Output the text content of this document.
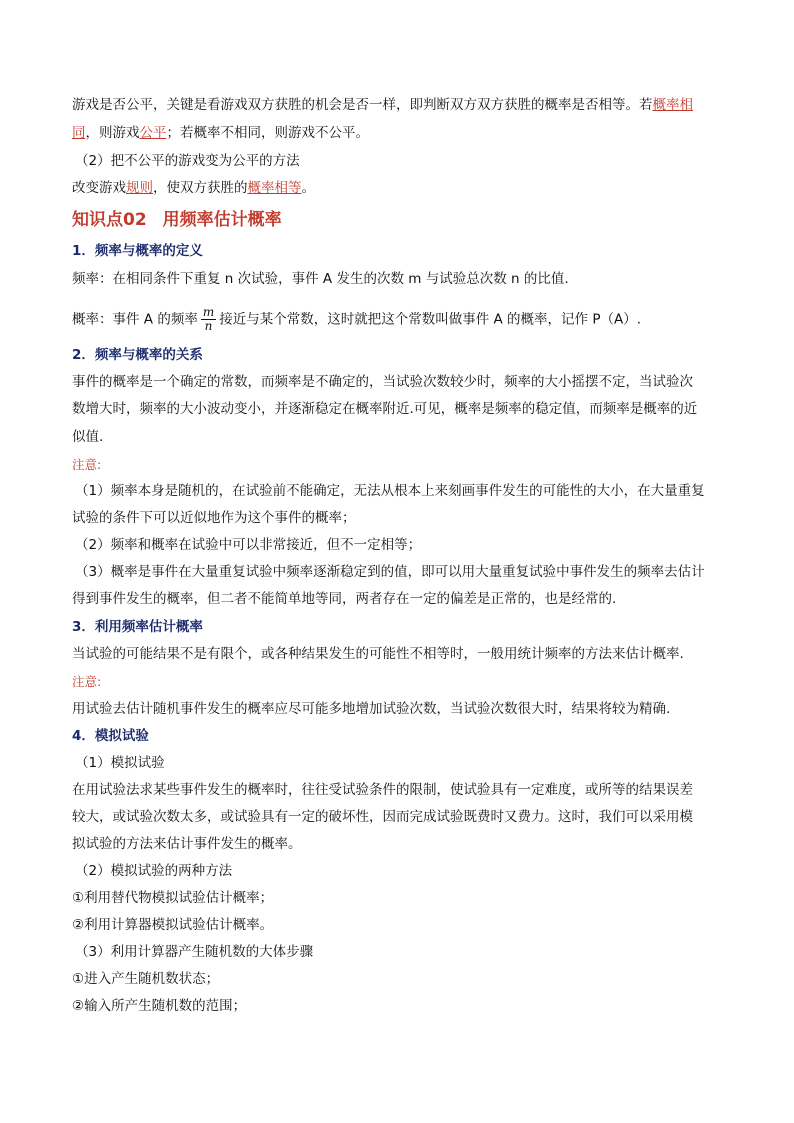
游戏是否公平，关键是看游戏双方获胜的机会是否一样，即判断双方双方获胜的概率是否相等。若概率相
同，则游戏公平；若概率不相同，则游戏不公平。
（2）把不公平的游戏变为公平的方法
改变游戏规则，使双方获胜的概率相等。
知识点02 用频率估计概率
1．频率与概率的定义
频率：在相同条件下重复 n 次试验，事件 A 发生的次数 m 与试验总次数 n 的比值.
概率：事件 A 的频率 $\frac{m}{n}$ 接近与某个常数，这时就把这个常数叫做事件 A 的概率，记作 P（A）.
2．频率与概率的关系
事件的概率是一个确定的常数，而频率是不确定的，当试验次数较少时，频率的大小摇摆不定，当试验次
数增大时，频率的大小波动变小，并逐渐稳定在概率附近.可见，概率是频率的稳定值，而频率是概率的近
似值.
注意:
（1）频率本身是随机的，在试验前不能确定，无法从根本上来刻画事件发生的可能性的大小，在大量重复
试验的条件下可以近似地作为这个事件的概率；
（2）频率和概率在试验中可以非常接近，但不一定相等；
（3）概率是事件在大量重复试验中频率逐渐稳定到的值，即可以用大量重复试验中事件发生的频率去估计
得到事件发生的概率，但二者不能简单地等同，两者存在一定的偏差是正常的，也是经常的.
3．利用频率估计概率
当试验的可能结果不是有限个，或各种结果发生的可能性不相等时，一般用统计频率的方法来估计概率.
注意:
用试验去估计随机事件发生的概率应尽可能多地增加试验次数，当试验次数很大时，结果将较为精确.
4．模拟试验
（1）模拟试验
在用试验法求某些事件发生的概率时，往往受试验条件的限制，使试验具有一定难度，或所等的结果误差
较大，或试验次数太多，或试验具有一定的破坏性，因而完成试验既费时又费力。这时，我们可以采用模
拟试验的方法来估计事件发生的概率。
（2）模拟试验的两种方法
①利用替代物模拟试验估计概率；
②利用计算器模拟试验估计概率。
（3）利用计算器产生随机数的大体步骤
①进入产生随机数状态；
②输入所产生随机数的范围；
